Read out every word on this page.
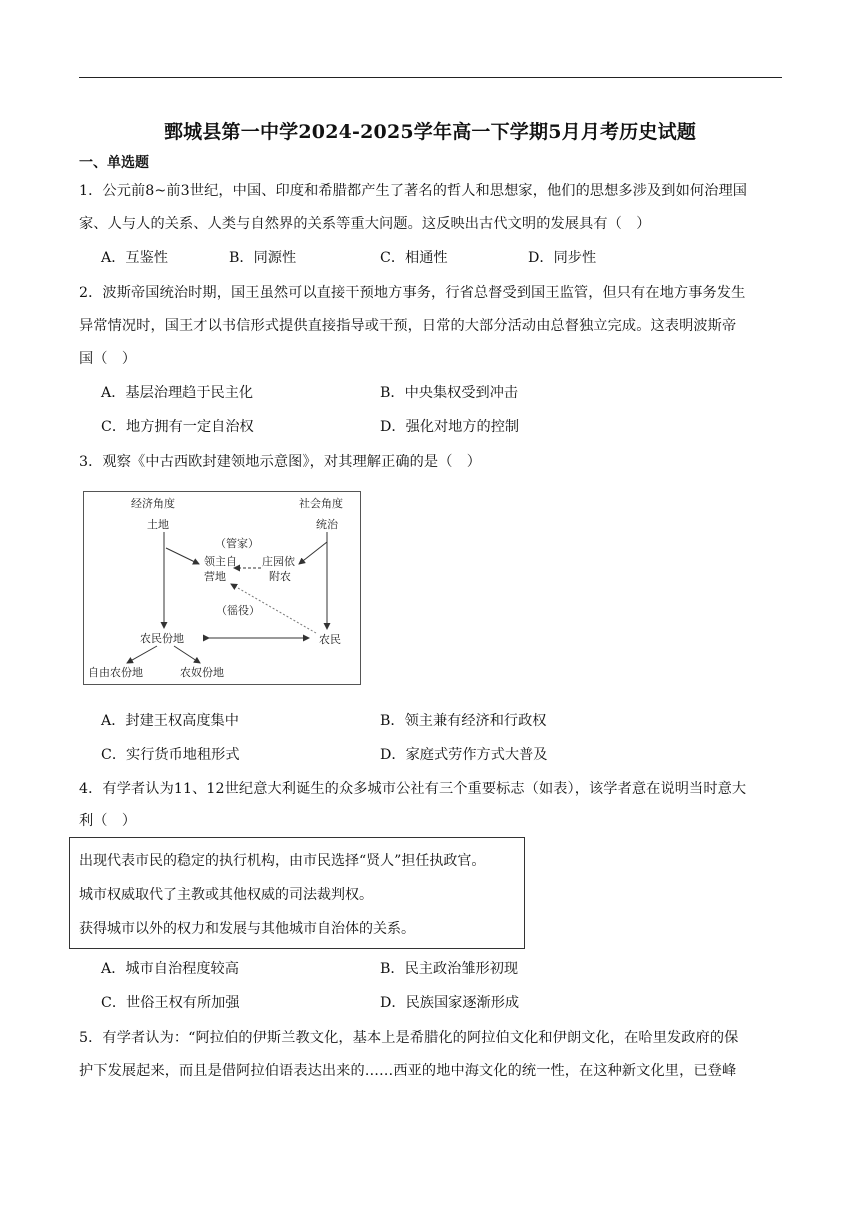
鄄城县第一中学2024-2025学年高一下学期5月月考历史试题
一、单选题
1．公元前8~前3世纪，中国、印度和希腊都产生了著名的哲人和思想家，他们的思想多涉及到如何治理国
家、人与人的关系、人类与自然界的关系等重大问题。这反映出古代文明的发展具有（　）
A．互鉴性	B．同源性	C．相通性	D．同步性
2．波斯帝国统治时期，国王虽然可以直接干预地方事务，行省总督受到国王监管，但只有在地方事务发生
异常情况时，国王才以书信形式提供直接指导或干预，日常的大部分活动由总督独立完成。这表明波斯帝
国（　）
A．基层治理趋于民主化	B．中央集权受到冲击
C．地方拥有一定自治权	D．强化对地方的控制
3．观察《中古西欧封建领地示意图》，对其理解正确的是（　）
经济角度
土地
社会角度
统治
（管家）
领主自
营地
庄园依
附农
（徭役）
农民份地	农民
自由农份地	农奴份地
A．封建王权高度集中	B．领主兼有经济和行政权
C．实行货币地租形式	D．家庭式劳作方式大普及
4．有学者认为11、12世纪意大利诞生的众多城市公社有三个重要标志（如表），该学者意在说明当时意大
利（　）
出现代表市民的稳定的执行机构，由市民选择“贤人”担任执政官。
城市权威取代了主教或其他权威的司法裁判权。
获得城市以外的权力和发展与其他城市自治体的关系。
A．城市自治程度较高	B．民主政治雏形初现
C．世俗王权有所加强	D．民族国家逐渐形成
5．有学者认为：“阿拉伯的伊斯兰教文化，基本上是希腊化的阿拉伯文化和伊朗文化，在哈里发政府的保
护下发展起来，而且是借阿拉伯语表达出来的……西亚的地中海文化的统一性，在这种新文化里，已登峰
